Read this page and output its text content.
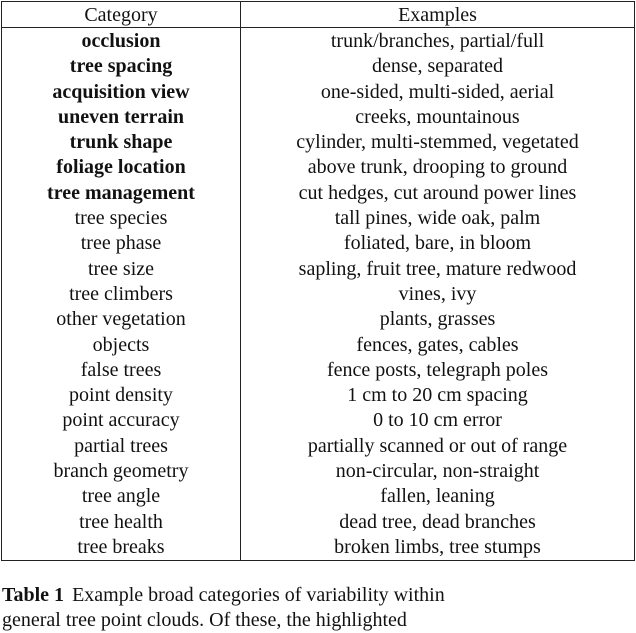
Category	Examples
occlusion	trunk/branches, partial/full
tree spacing	dense, separated
acquisition view	one-sided, multi-sided, aerial
uneven terrain	creeks, mountainous
trunk shape	cylinder, multi-stemmed, vegetated
foliage location	above trunk, drooping to ground
tree management	cut hedges, cut around power lines
tree species	tall pines, wide oak, palm
tree phase	foliated, bare, in bloom
tree size	sapling, fruit tree, mature redwood
tree climbers	vines, ivy
other vegetation	plants, grasses
objects	fences, gates, cables
false trees	fence posts, telegraph poles
point density	1 cm to 20 cm spacing
point accuracy	0 to 10 cm error
partial trees	partially scanned or out of range
branch geometry	non-circular, non-straight
tree angle	fallen, leaning
tree health	dead tree, dead branches
tree breaks	broken limbs, tree stumps
Table 1 Example broad categories of variability within
general tree point clouds. Of these, the highlighted
